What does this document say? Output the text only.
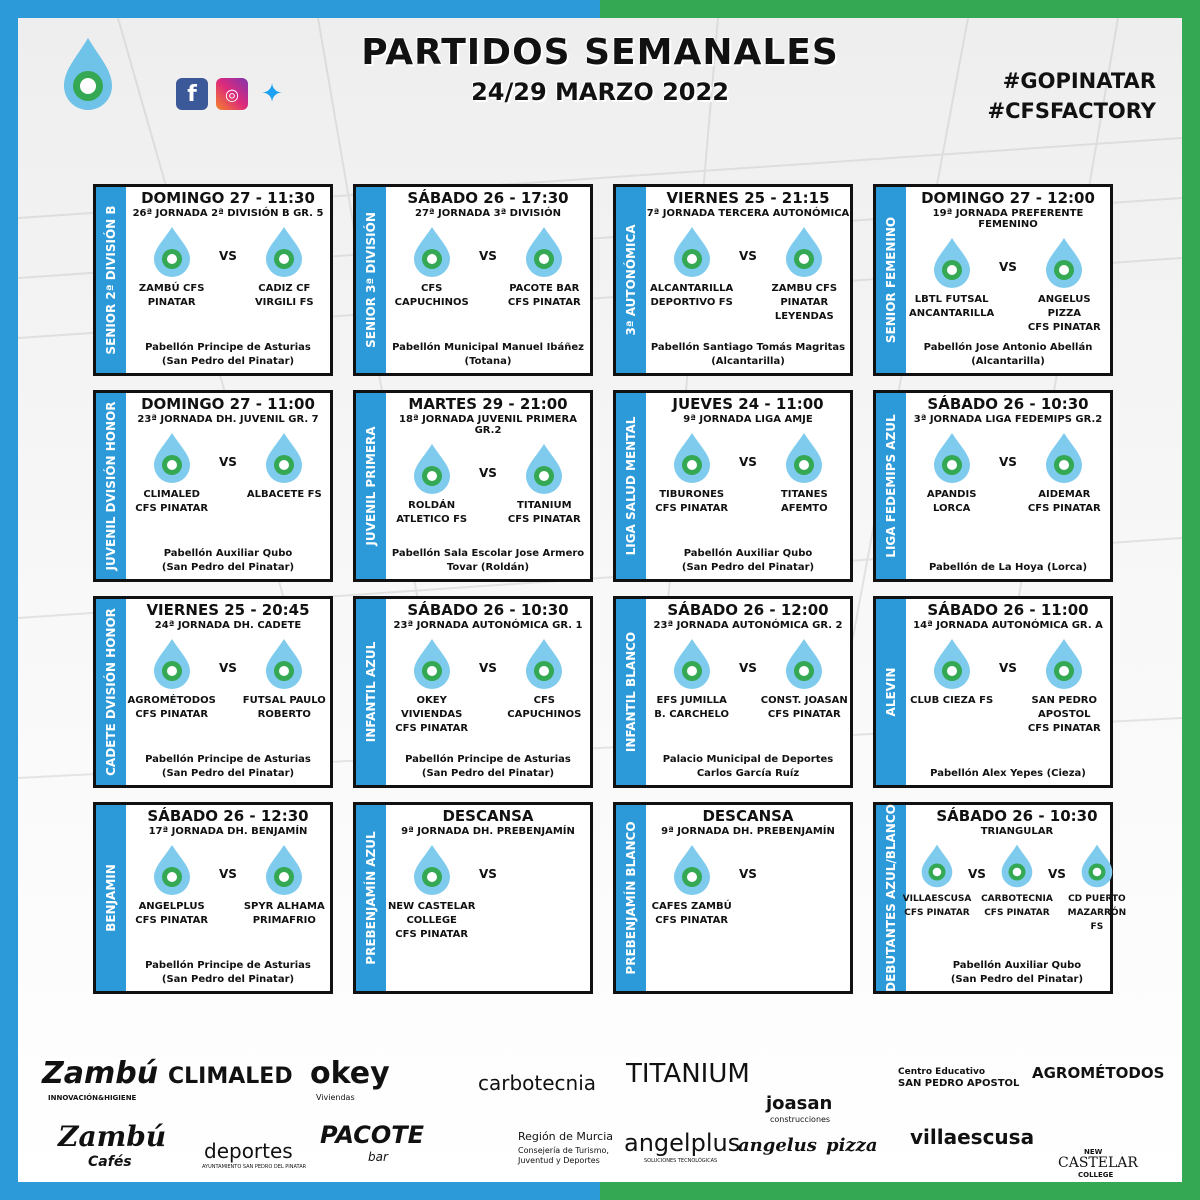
f	◎ ✦
PARTIDOS SEMANALES
24/29 MARZO 2022	#GOPINATAR
#CFSFACTORY
SENIOR 2ª DIVISIÓN B
DOMINGO 27 - 11:30
26ª JORNADA 2ª DIVISIÓN B GR. 5
ZAMBÚ CFS
PINATAR
VS
CADIZ CF
VIRGILI FS
Pabellón Principe de Asturias
(San Pedro del Pinatar)
SENIOR 3ª DIVISIÓN
SÁBADO 26 - 17:30
27ª JORNADA 3ª DIVISIÓN
CFS
CAPUCHINOS
VS
PACOTE BAR
CFS PINATAR
Pabellón Municipal Manuel Ibáñez
(Totana)
3ª AUTONÓMICA
VIERNES 25 - 21:15
7ª JORNADA TERCERA AUTONÓMICA
ALCANTARILLA
DEPORTIVO FS
VS
ZAMBU CFS
PINATAR
LEYENDAS
Pabellón Santiago Tomás Magritas
(Alcantarilla)
SENIOR FEMENINO
DOMINGO 27 - 12:00
19ª JORNADA PREFERENTE FEMENINO
LBTL FUTSAL
ANCANTARILLA
VS
ANGELUS PIZZA
CFS PINATAR
Pabellón Jose Antonio Abellán
(Alcantarilla)
JUVENIL DVISIÓN HONOR	DOMINGO 27 - 11:00
23ª JORNADA DH. JUVENIL GR. 7
CLIMALED
CFS PINATAR
VS
ALBACETE FS
Pabellón Auxiliar Qubo
(San Pedro del Pinatar)
JUVENIL PRIMERA
MARTES 29 - 21:00
18ª JORNADA JUVENIL PRIMERA GR.2
ROLDÁN
ATLETICO FS
VS
TITANIUM
CFS PINATAR
Pabellón Sala Escolar Jose Armero
Tovar (Roldán)
LIGA SALUD MENTAL
JUEVES 24 - 11:00
9ª JORNADA LIGA AMJE
TIBURONES
CFS PINATAR
VS
TITANES AFEMTO
Pabellón Auxiliar Qubo
(San Pedro del Pinatar)
LIGA FEDEMIPS AZUL
SÁBADO 26 - 10:30
3ª JORNADA LIGA FEDEMIPS GR.2
APANDIS LORCA
VS
AIDEMAR
CFS PINATAR
Pabellón de La Hoya (Lorca)
CADETE DVISIÓN HONOR	VIERNES 25 - 20:45
24ª JORNADA DH. CADETE
AGROMÉTODOS
CFS PINATAR
VS
FUTSAL PAULO
ROBERTO
Pabellón Principe de Asturias
(San Pedro del Pinatar)
INFANTIL AZUL
SÁBADO 26 - 10:30
23ª JORNADA AUTONÓMICA GR. 1
OKEY VIVIENDAS
CFS PINATAR
VS
CFS
CAPUCHINOS
Pabellón Principe de Asturias
(San Pedro del Pinatar)
INFANTIL BLANCO
SÁBADO 26 - 12:00
23ª JORNADA AUTONÓMICA GR. 2
EFS JUMILLA
B. CARCHELO
VS
CONST. JOASAN
CFS PINATAR
Palacio Municipal de Deportes
Carlos García Ruíz
ALEVIN
SÁBADO 26 - 11:00
14ª JORNADA AUTONÓMICA GR. A
CLUB CIEZA FS
VS
SAN PEDRO
APOSTOL
CFS PINATAR
Pabellón Alex Yepes (Cieza)
BENJAMIN
SÁBADO 26 - 12:30
17ª JORNADA DH. BENJAMÍN
ANGELPLUS
CFS PINATAR
VS
SPYR ALHAMA
PRIMAFRIO
Pabellón Principe de Asturias
(San Pedro del Pinatar)
PREBENJAMÍN AZUL
DESCANSA
9ª JORNADA DH. PREBENJAMÍN
NEW CASTELAR
COLLEGE
CFS PINATAR
VS	PREBENJAMÍN BLANCO
DESCANSA
9ª JORNADA DH. PREBENJAMÍN
CAFES ZAMBÚ
CFS PINATAR
VS	DEBUTANTES AZUL/BLANCO	SÁBADO 26 - 10:30
TRIANGULAR
VILLAESCUSA
CFS PINATAR
VS
CARBOTECNIA
CFS PINATAR
VS
CD PUERTO
MAZARRÓN FS
Pabellón Auxiliar Qubo
(San Pedro del Pinatar)
Zambú
INNOVACIÓN&HIGIENE
CLIMALED okey
Viviendas
carbotecnia TITANIUM
joasan
construcciones
Centro Educativo
SAN PEDRO APOSTOL
AGROMÉTODOS
Zambú
Cafés	deportes
AYUNTAMIENTO SAN PEDRO DEL PINATAR
PACOTE
bar
Región de Murcia
Consejería de Turismo,
Juventud y Deportes
angelplus
SOLUCIONES TECNOLÓGICAS
angelus pizza villaescusa
NEW
CASTELAR
COLLEGE
